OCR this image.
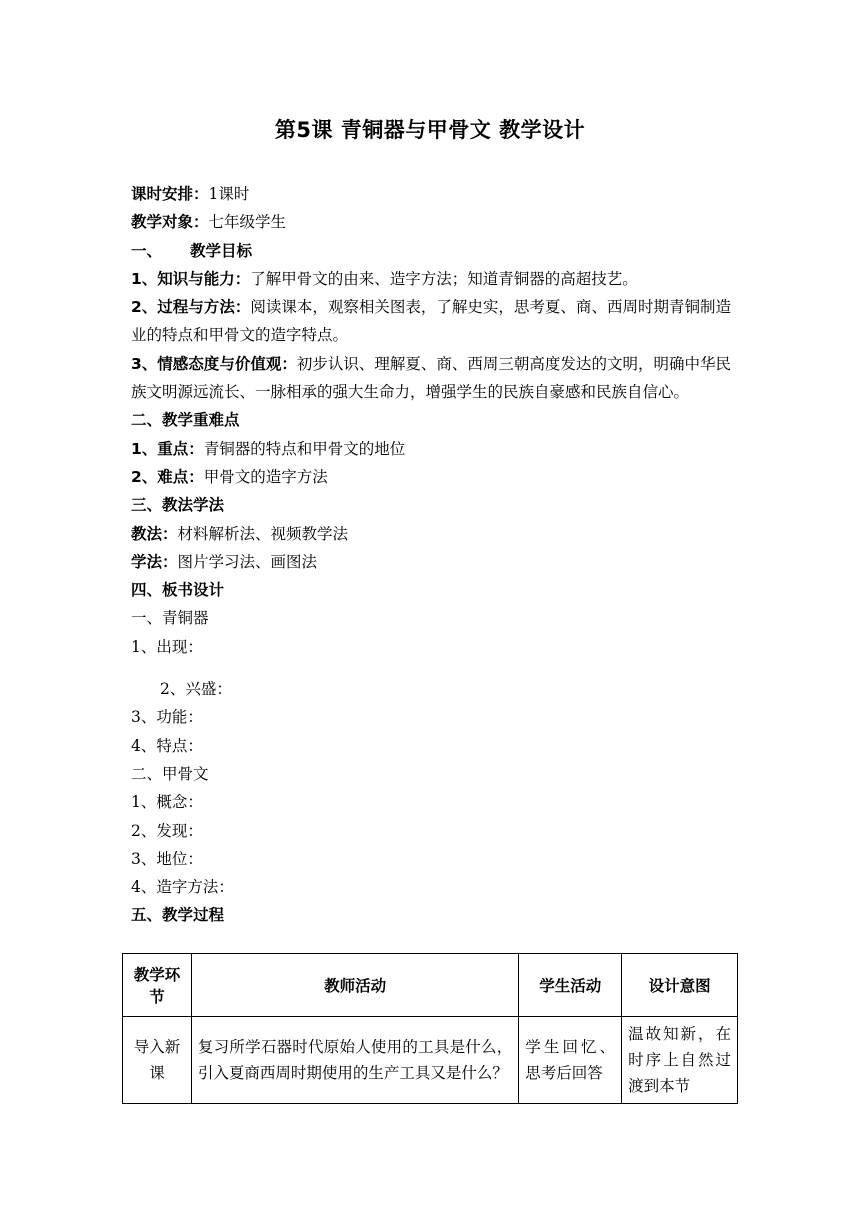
第5课 青铜器与甲骨文 教学设计
课时安排：1课时
教学对象：七年级学生
一、 教学目标
1、知识与能力：了解甲骨文的由来、造字方法；知道青铜器的高超技艺。
2、过程与方法：阅读课本，观察相关图表，了解史实，思考夏、商、西周时期青铜制造业的特点和甲骨文的造字特点。
3、情感态度与价值观：初步认识、理解夏、商、西周三朝高度发达的文明，明确中华民族文明源远流长、一脉相承的强大生命力，增强学生的民族自豪感和民族自信心。
二、教学重难点
1、重点：青铜器的特点和甲骨文的地位
2、难点：甲骨文的造字方法
三、教法学法
教法：材料解析法、视频教学法
学法：图片学习法、画图法
四、板书设计
一、青铜器
1、出现：
2、兴盛：
3、功能：
4、特点：
二、甲骨文
1、概念：
2、发现：
3、地位：
4、造字方法：
五、教学过程
教学环节	教师活动	学生活动	设计意图
导入新课	复习所学石器时代原始人使用的工具是什么，引入夏商西周时期使用的生产工具又是什么？	学生回忆、思考后回答	温故知新，在时序上自然过渡到本节
